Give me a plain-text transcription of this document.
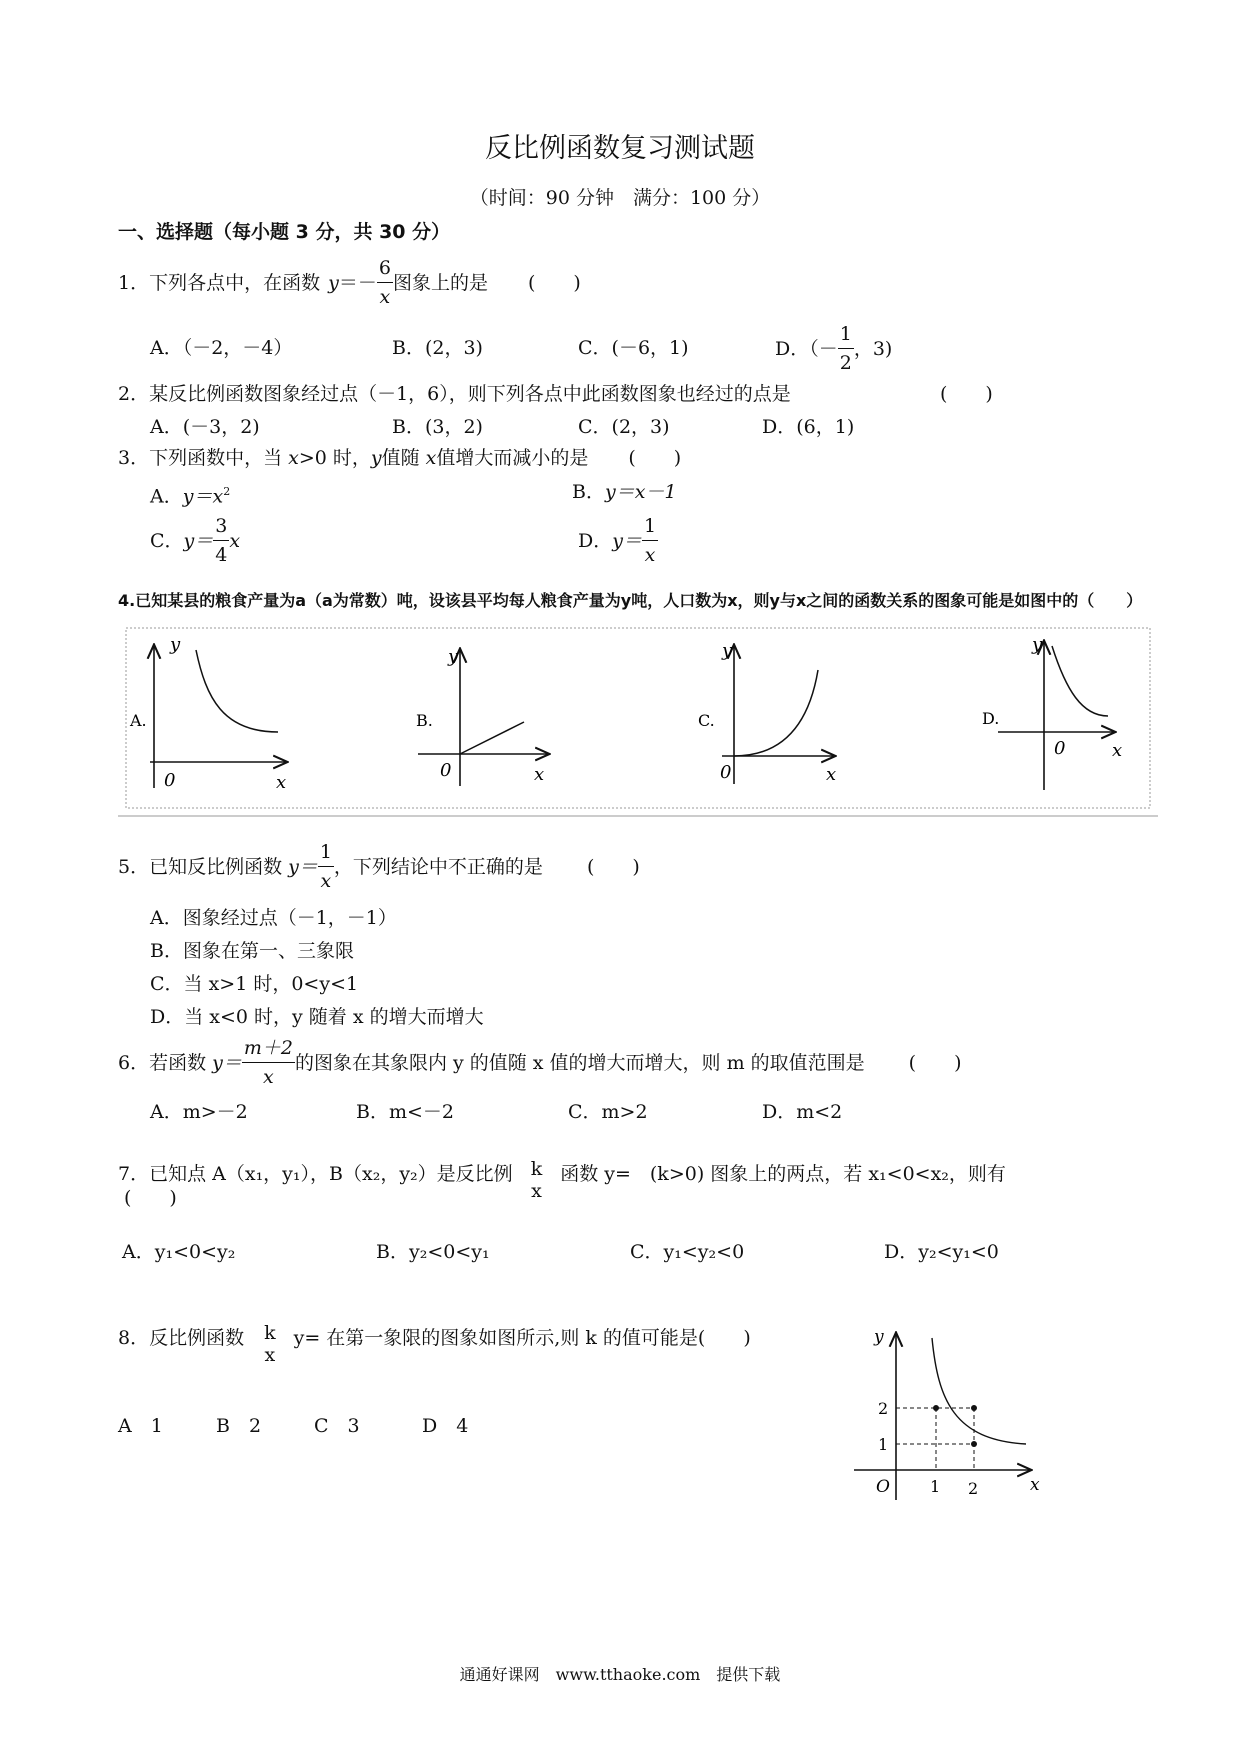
反比例函数复习测试题
（时间：90 分钟　满分：100 分）
一、选择题（每小题 3 分，共 30 分）
1．下列各点中，在函数 $y =- \frac{6}{x}$ 图象上的是 (　　)
A．（－2，－4）	B．(2，3)	C．(－6，1)	D．（－ $\frac{1}{2}$ ，3)
2．某反比例函数图象经过点（－1，6），则下列各点中此函数图象也经过的点是	(　　)
A．(－3，2)	B．(3，2)	C．(2，3)	D．(6，1)
3．下列函数中，当 x >0 时， y 值随 x 值增大而减小的是 (　　)
A．$y=x^2$	B．y＝x－1
C． $y= \frac{3}{4}$ x	D． $y= \frac{1}{x}$
4.已知某县的粮食产量为a（a为常数）吨，设该县平均每人粮食产量为y吨，人口数为x，则y与x之间的函数关系的图象可能是如图中的（　　）
A.
y
x
0
B.
y
x
0
C.
y
x
0
D.
y
x
0
5．已知反比例函数 $y= \frac{1}{x}$ ，下列结论中不正确的是 (　　)
A．图象经过点（－1，－1）
B．图象在第一、三象限
C．当 x>1 时，0<y<1
D．当 x<0 时，y 随着 x 的增大而增大
6．若函数 $y= \frac{m+2}{x}$ 的图象在其象限内 y 的值随 x 值的增大而增大，则 m 的取值范围是 (　　)
A．m>－2	B．m<－2	C．m>2	D．m<2
7．已知点 A（x₁，y₁），B（x₂，y₂）是反比例 k
x
函数 y=　(k>0) 图象上的两点，若 x₁<0<x₂，则有
(　　)
A．y₁<0<y₂	B．y₂<0<y₁	C．y₁<y₂<0	D．y₂<y₁<0
8．反比例函数 k
x
y= 在第一象限的图象如图所示,则 k 的值可能是(　　)
A　1	B　2	C　3	D　4
y
x
O	1 2
2
1
通通好课网　www.tthaoke.com　提供下载
